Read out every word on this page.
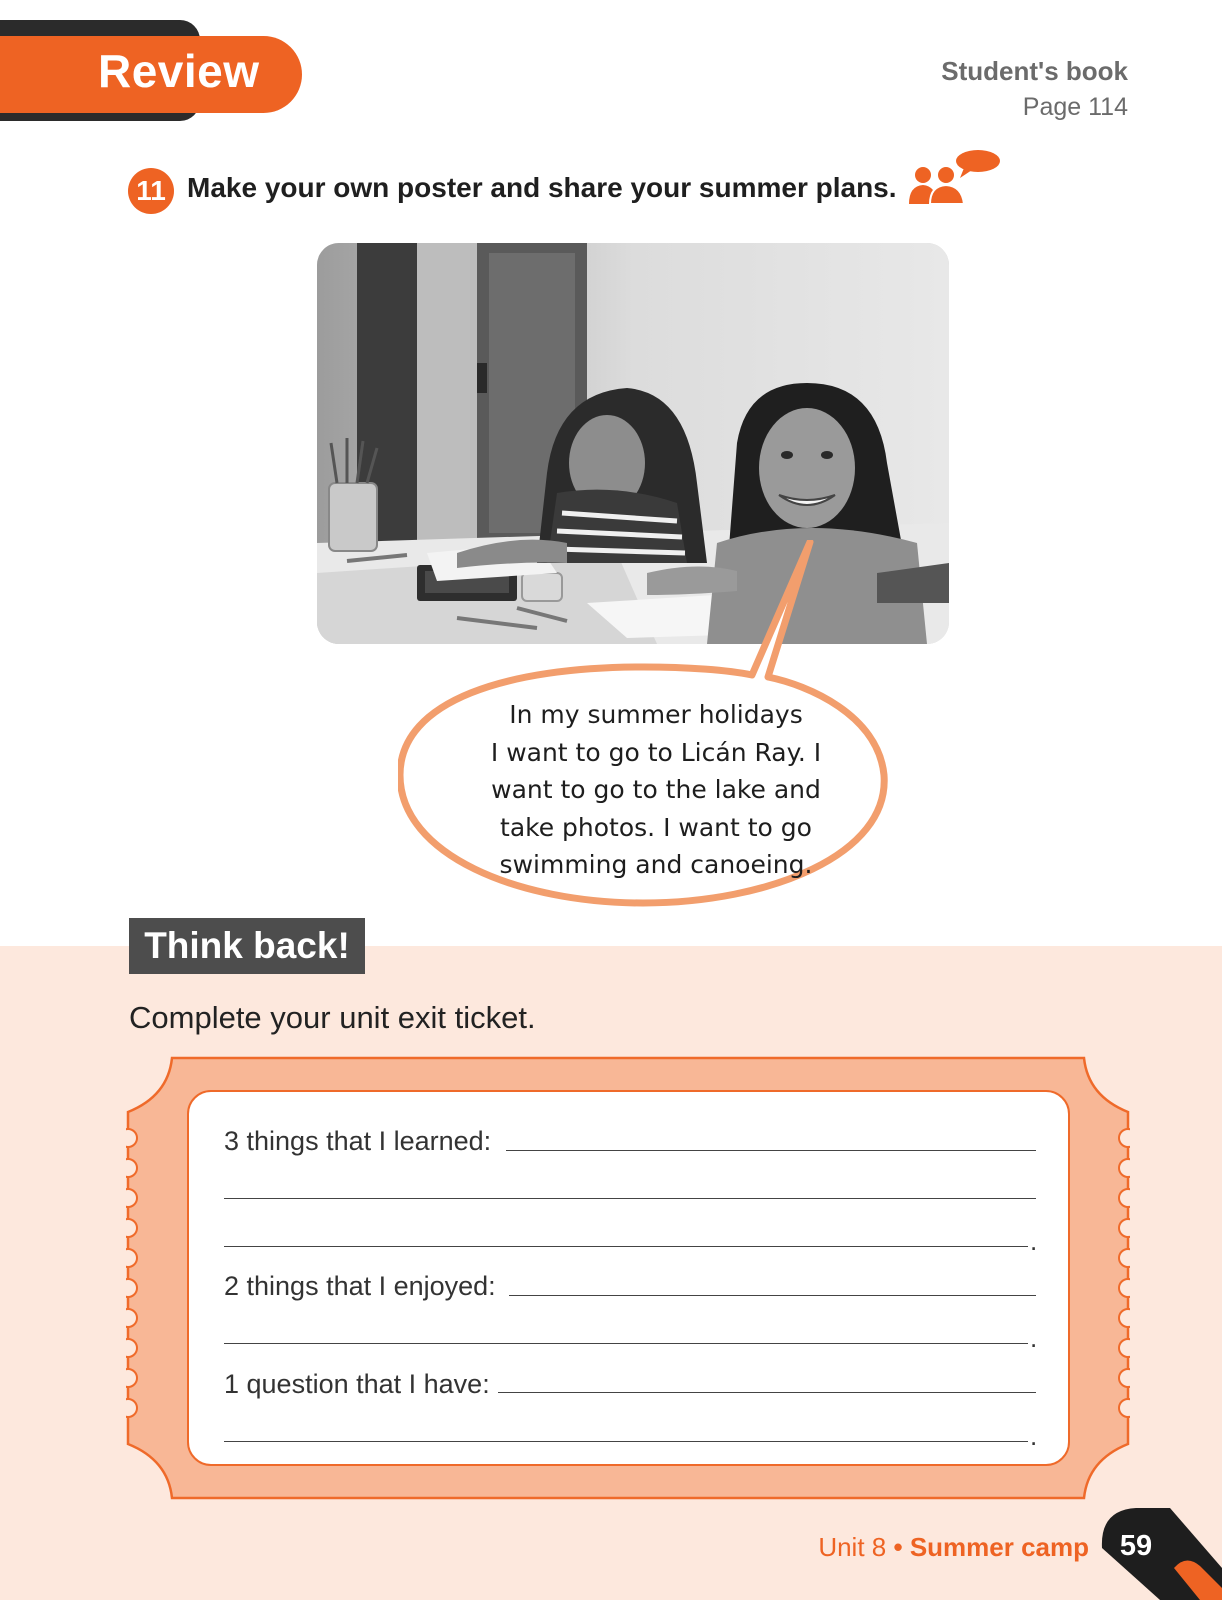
Review	Student's book
Page 114
11 Make your own poster and share your summer plans.
In my summer holidays
I want to go to Licán Ray. I
want to go to the lake and
take photos. I want to go
swimming and canoeing.
Think back!
Complete your unit exit ticket.
3 things that I learned:
.
2 things that I enjoyed:
.
1 question that I have:
.
Unit 8 • Summer camp	59
